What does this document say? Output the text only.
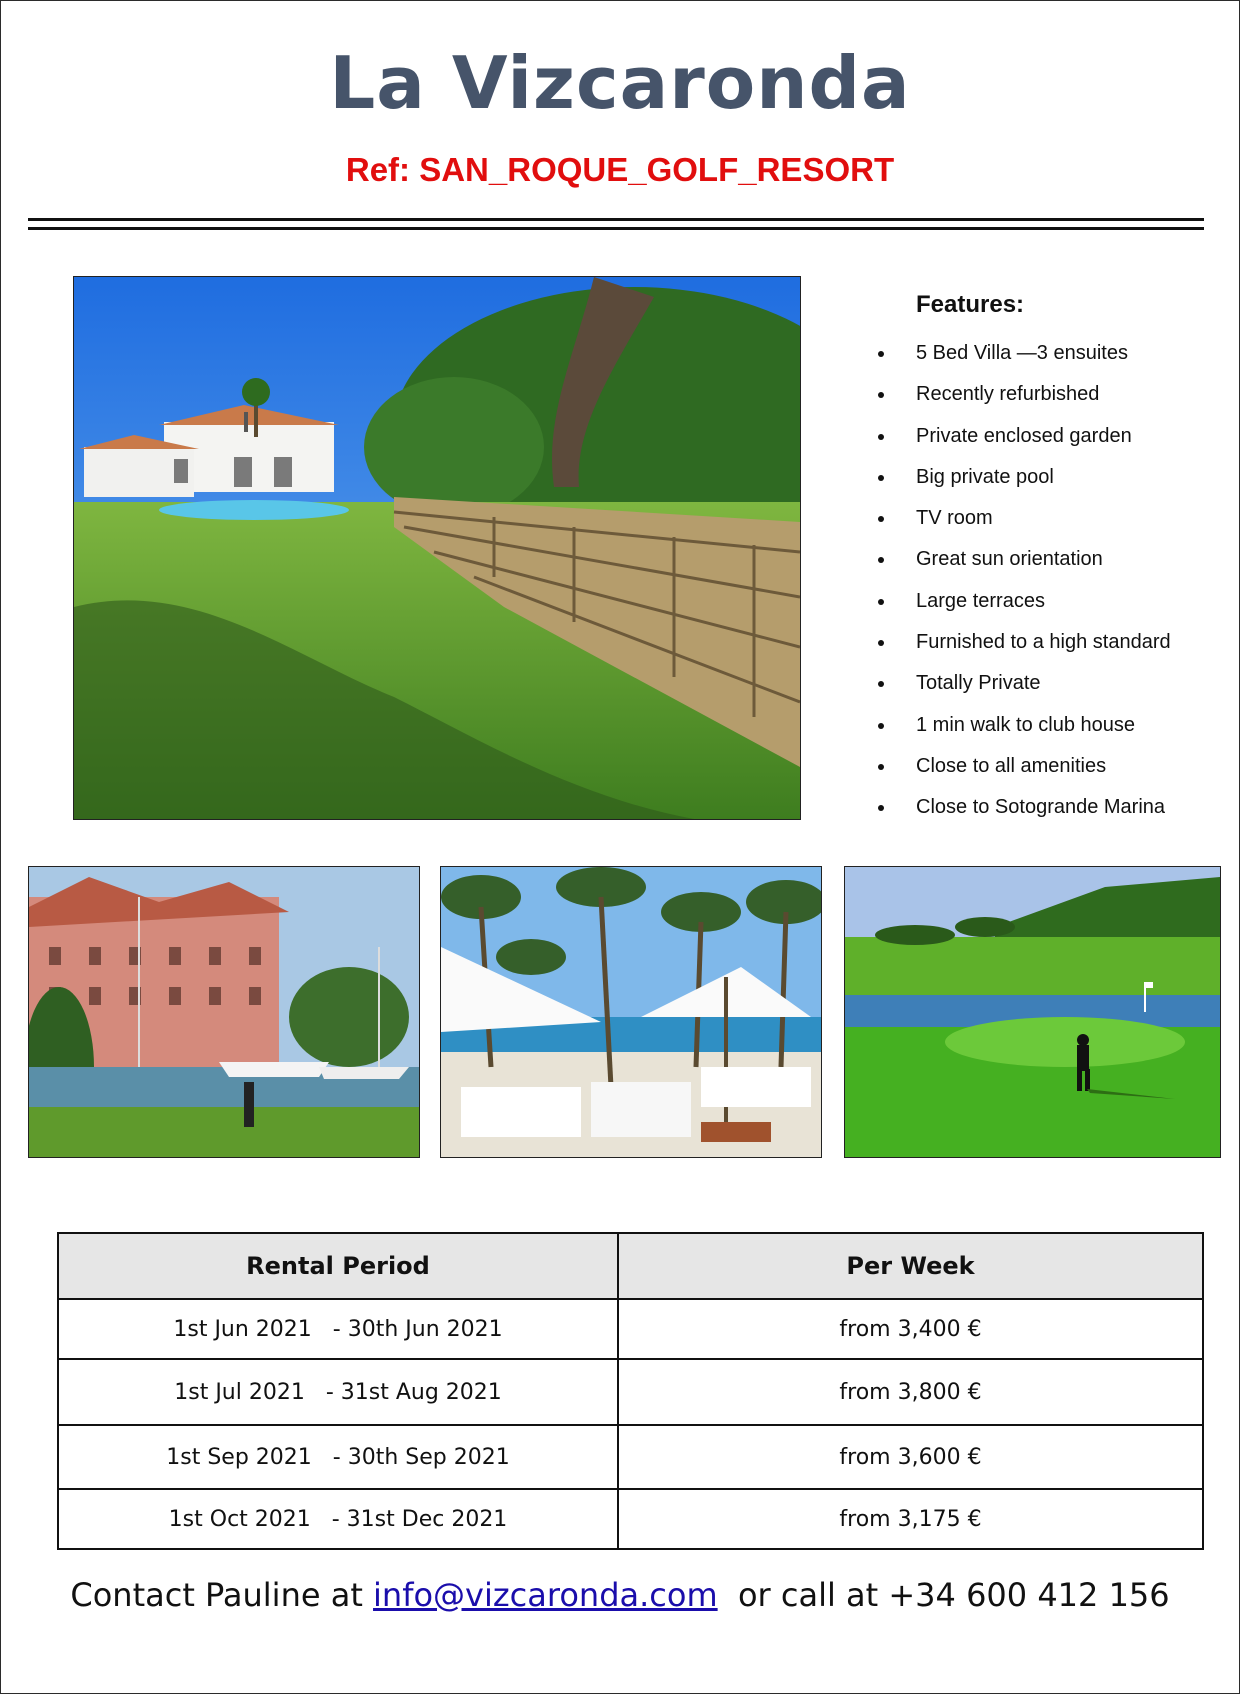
La Vizcaronda
Ref: SAN_ROQUE_GOLF_RESORT
Features:
5 Bed Villa —3 ensuites
Recently refurbished
Private enclosed garden
Big private pool
TV room
Great sun orientation
Large terraces
Furnished to a high standard
Totally Private
1 min walk to club house
Close to all amenities
Close to Sotogrande Marina
Rental Period	Per Week
1st Jun 2021   - 30th Jun 2021	from 3,400 €
1st Jul 2021   - 31st Aug 2021	from 3,800 €
1st Sep 2021   - 30th Sep 2021	from 3,600 €
1st Oct 2021   - 31st Dec 2021	from 3,175 €
Contact Pauline at info@vizcaronda.com  or call at +34 600 412 156
